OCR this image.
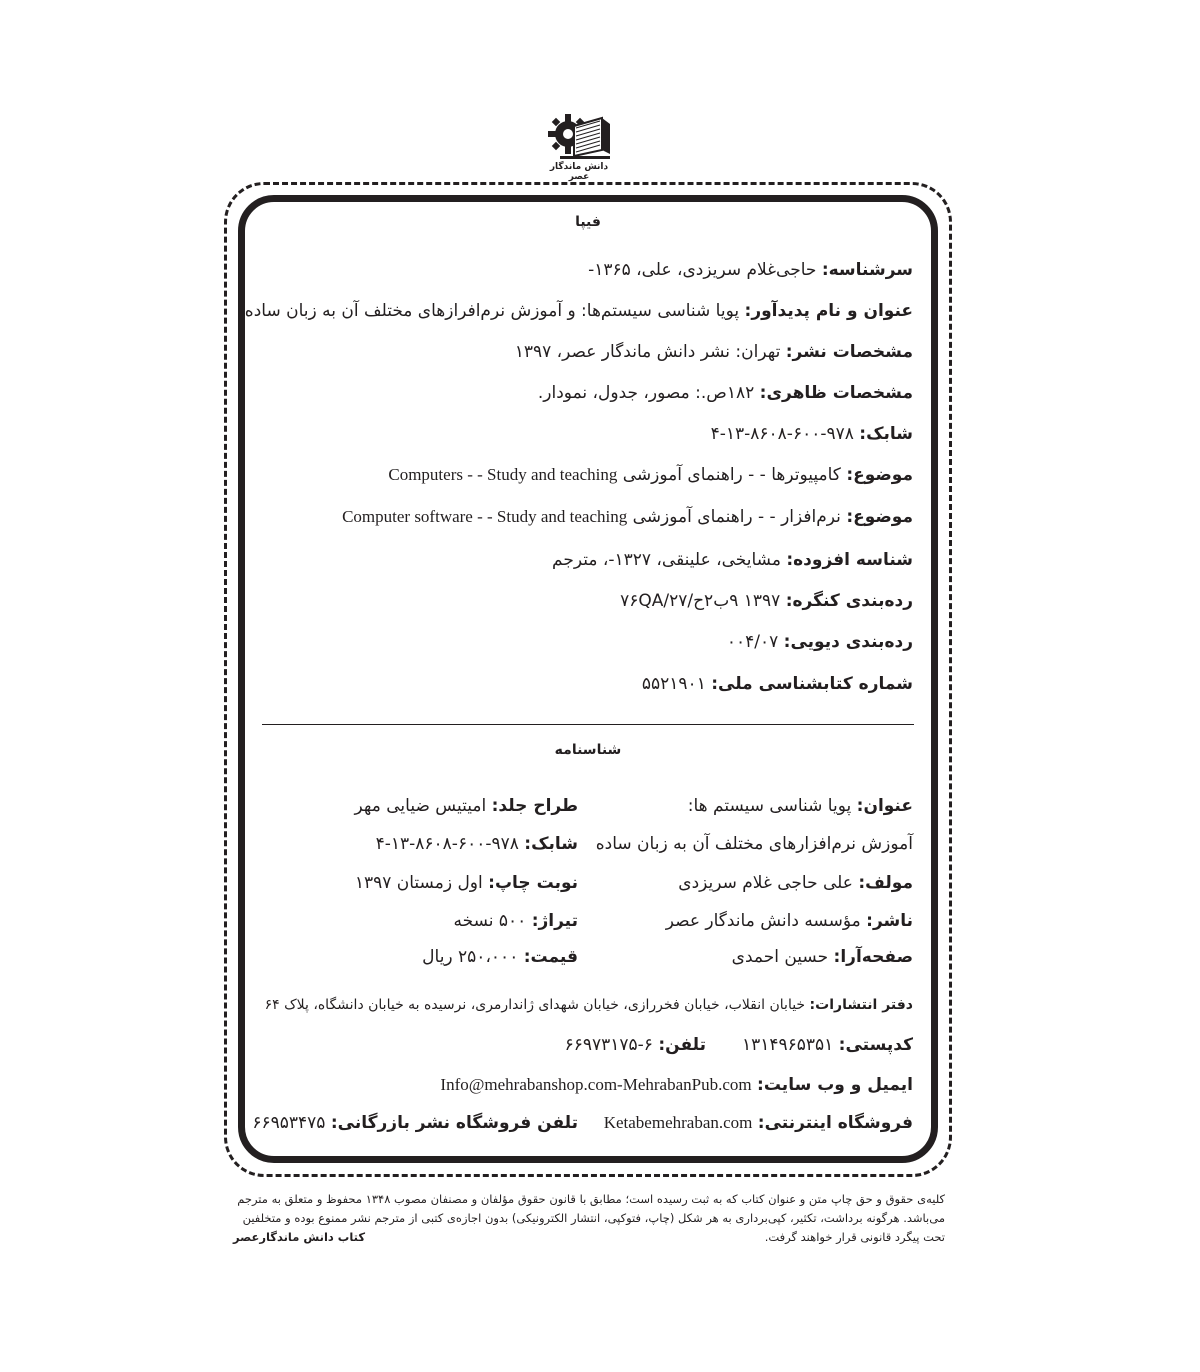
دانش ماندگار عصر
فیپا
سرشناسه: حاجی‌غلام سریزدی، علی، ۱۳۶۵-
عنوان و نام پدیدآور: پویا شناسی سیستم‌ها: و آموزش نرم‌افرازهای مختلف آن به زبان ساده
مشخصات نشر: تهران: نشر دانش ماندگار عصر، ۱۳۹۷
مشخصات ظاهری: ۱۸۲ص.: مصور، جدول، نمودار.
شابک: ۹۷۸-۶۰۰-۸۶۰۸-۱۳-۴
موضوع: کامپیوترها - - راهنمای آموزشی Computers - - Study and teaching
موضوع: نرم‌افزار - - راهنمای آموزشی Computer software - - Study and teaching
شناسه افزوده: مشایخی، علینقی، ۱۳۲۷-، مترجم
رده‌بندی کنگره: ۱۳۹۷ ۹ب۲ح/۷۶QA/۲۷
رده‌بندی دیویی: ۰۰۴/۰۷
شماره کتابشناسی ملی: ۵۵۲۱۹۰۱
شناسنامه
عنوان: پویا شناسی سیستم ها:
آموزش نرم‌افزارهای مختلف آن به زبان ساده
مولف: علی حاجی غلام سریزدی
ناشر: مؤسسه دانش ماندگار عصر
صفحه‌آرا: حسین احمدی
طراح جلد: امیتیس ضیایی مهر
شابک: ۹۷۸-۶۰۰-۸۶۰۸-۱۳-۴
نوبت چاپ: اول زمستان ۱۳۹۷
تیراژ: ۵۰۰ نسخه
قیمت: ۲۵۰،۰۰۰ ریال
دفتر انتشارات: خیابان انقلاب، خیابان فخررازی، خیابان شهدای ژاندارمری، نرسیده به خیابان دانشگاه، پلاک ۶۴
کدپستی: ۱۳۱۴۹۶۵۳۵۱
تلفن: ۶-۶۶۹۷۳۱۷۵
ایمیل و وب سایت: Info@mehrabanshop.com-MehrabanPub.com
فروشگاه اینترنتی: Ketabemehraban.com
تلفن فروشگاه نشر بازرگانی: ۶۶۹۵۳۴۷۵
کلیه‌ی حقوق و حق چاپ متن و عنوان کتاب که به ثبت رسیده است؛ مطابق با قانون حقوق مؤلفان و مصنفان مصوب ۱۳۴۸ محفوظ و متعلق به مترجم
می‌باشد. هرگونه برداشت، تکثیر، کپی‌برداری به هر شکل (چاپ، فتوکپی، انتشار الکترونیکی) بدون اجازه‌ی کتبی از مترجم نشر ممنوع بوده و متخلفین
تحت پیگرد قانونی قرار خواهند گرفت.
کتاب دانش ماندگارعصر
